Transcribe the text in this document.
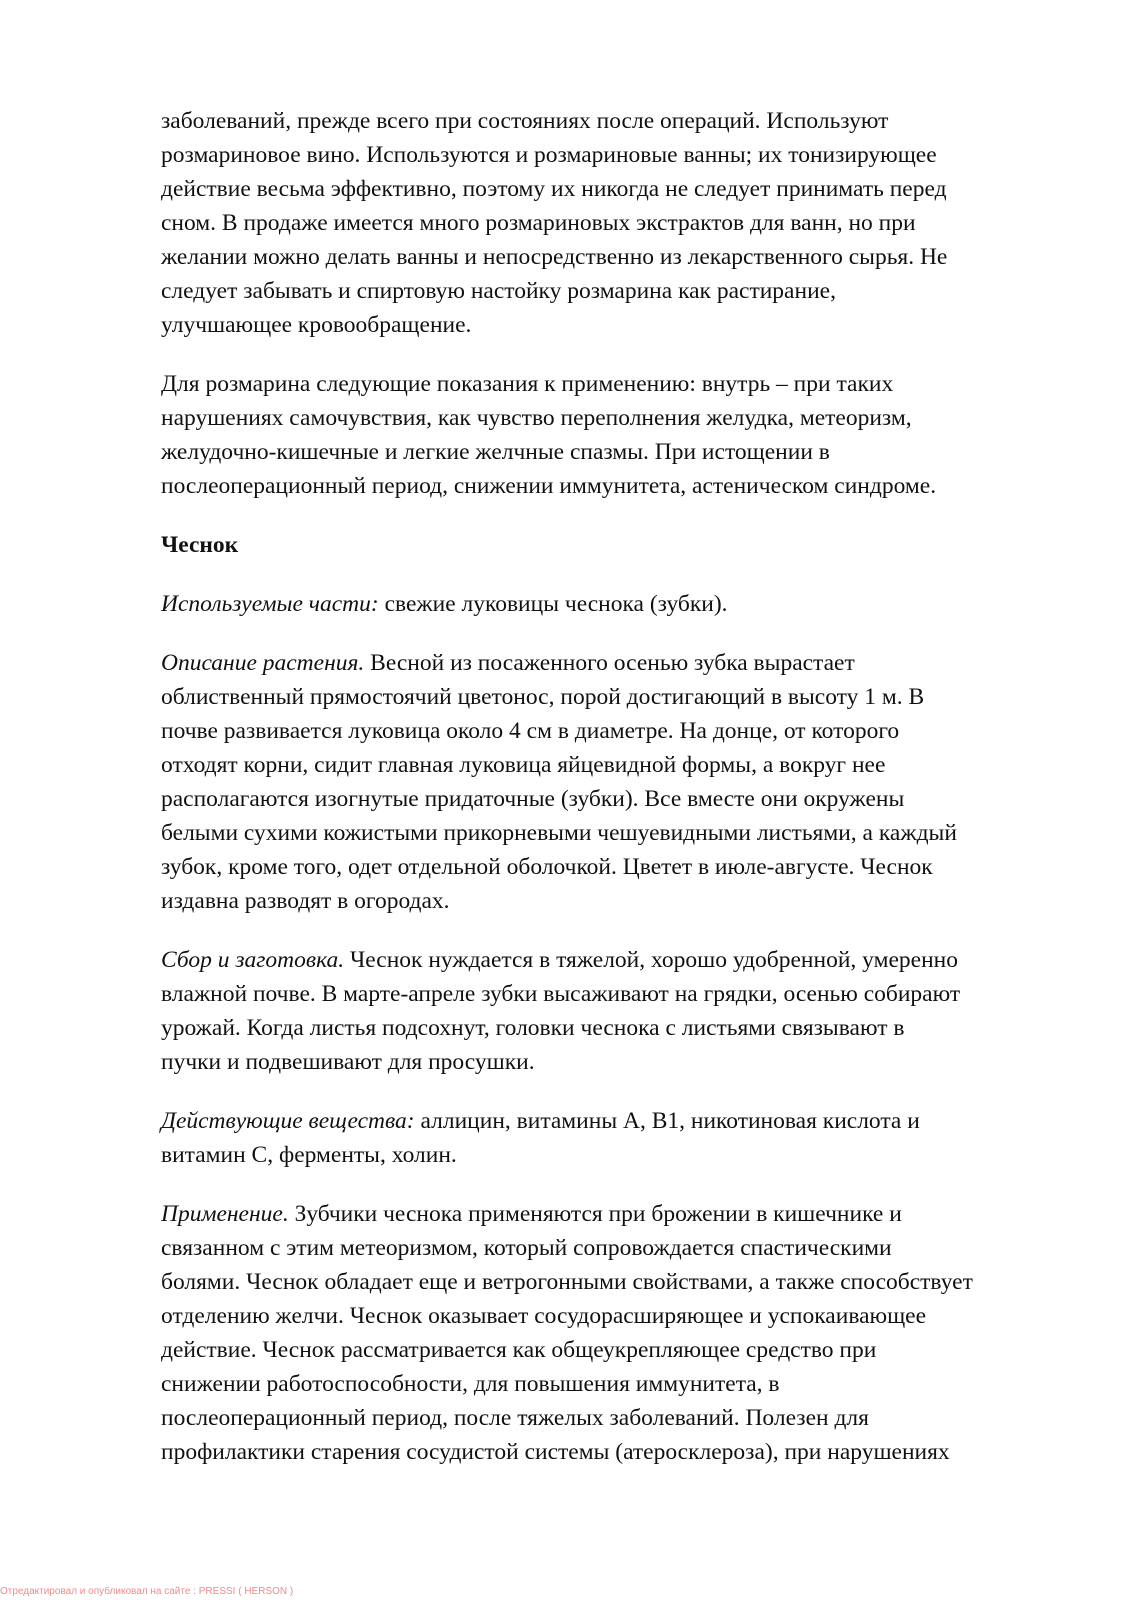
заболеваний, прежде всего при состояниях после операций. Используют
розмариновое вино. Используются и розмариновые ванны; их тонизирующее
действие весьма эффективно, поэтому их никогда не следует принимать перед
сном. В продаже имеется много розмариновых экстрактов для ванн, но при
желании можно делать ванны и непосредственно из лекарственного сырья. Не
следует забывать и спиртовую настойку розмарина как растирание,
улучшающее кровообращение.

Для розмарина следующие показания к применению: внутрь – при таких
нарушениях самочувствия, как чувство переполнения желудка, метеоризм,
желудочно-кишечные и легкие желчные спазмы. При истощении в
послеоперационный период, снижении иммунитета, астеническом синдроме.

Чеснок

Используемые части: свежие луковицы чеснока (зубки).

Описание растения. Весной из посаженного осенью зубка вырастает
облиственный прямостоячий цветонос, порой достигающий в высоту 1 м. В
почве развивается луковица около 4 см в диаметре. На донце, от которого
отходят корни, сидит главная луковица яйцевидной формы, а вокруг нее
располагаются изогнутые придаточные (зубки). Все вместе они окружены
белыми сухими кожистыми прикорневыми чешуевидными листьями, а каждый
зубок, кроме того, одет отдельной оболочкой. Цветет в июле-августе. Чеснок
издавна разводят в огородах.

Сбор и заготовка. Чеснок нуждается в тяжелой, хорошо удобренной, умеренно
влажной почве. В марте-апреле зубки высаживают на грядки, осенью собирают
урожай. Когда листья подсохнут, головки чеснока с листьями связывают в
пучки и подвешивают для просушки.

Действующие вещества: аллицин, витамины А, В1, никотиновая кислота и
витамин С, ферменты, холин.

Применение. Зубчики чеснока применяются при брожении в кишечнике и
связанном с этим метеоризмом, который сопровождается спастическими
болями. Чеснок обладает еще и ветрогонными свойствами, а также способствует
отделению желчи. Чеснок оказывает сосудорасширяющее и успокаивающее
действие. Чеснок рассматривается как общеукрепляющее средство при
снижении работоспособности, для повышения иммунитета, в
послеоперационный период, после тяжелых заболеваний. Полезен для
профилактики старения сосудистой системы (атеросклероза), при нарушениях

Отредактировал и опубликовал на сайте : PRESSI ( HERSON )
